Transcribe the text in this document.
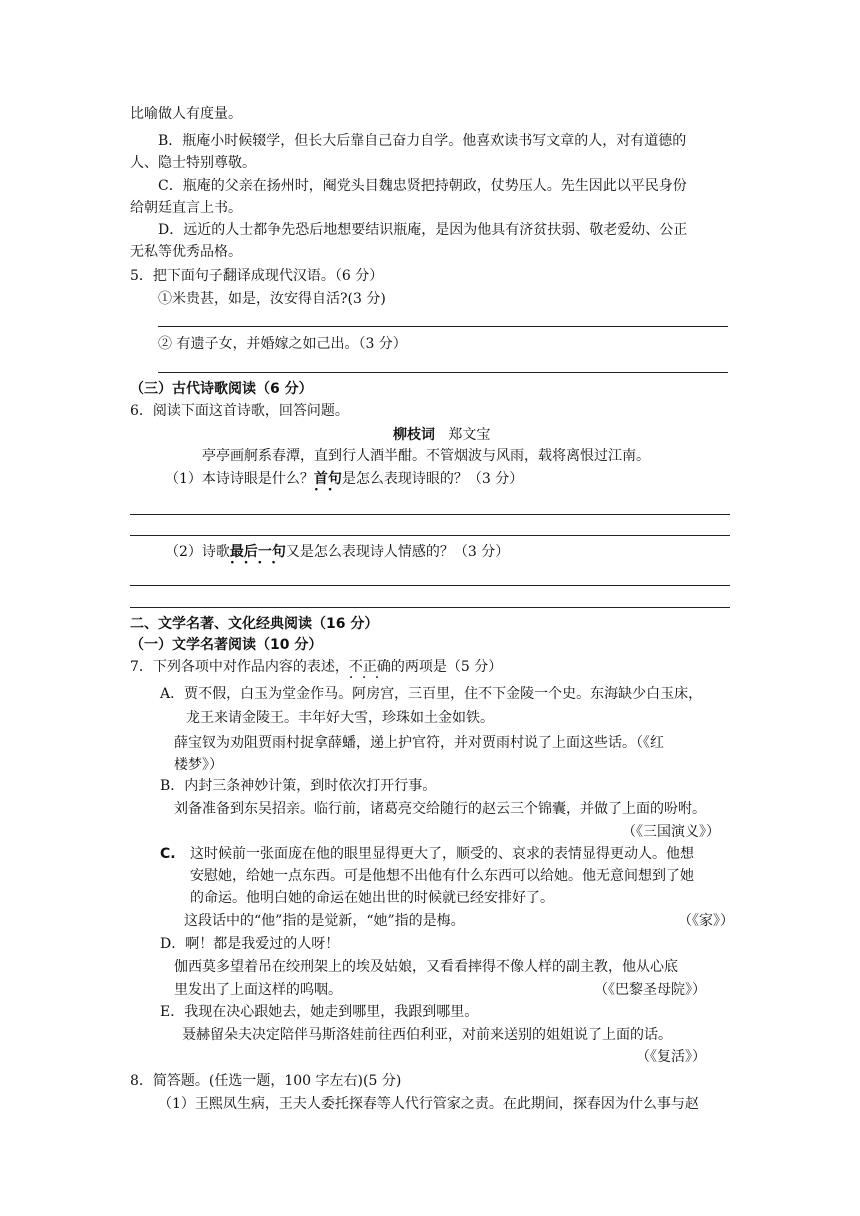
比喻做人有度量。
B．瓶庵小时候辍学，但长大后靠自己奋力自学。他喜欢读书写文章的人，对有道德的
人、隐士特别尊敬。
C．瓶庵的父亲在扬州时，阉党头目魏忠贤把持朝政，仗势压人。先生因此以平民身份
给朝廷直言上书。
D．远近的人士都争先恐后地想要结识瓶庵，是因为他具有济贫扶弱、敬老爱幼、公正
无私等优秀品格。
5．把下面句子翻译成现代汉语。（6 分）
①米贵甚，如是，汝安得自活?(3 分)
② 有遗子女，并婚嫁之如己出。（3 分）
（三）古代诗歌阅读（6 分）
6．阅读下面这首诗歌，回答问题。
柳枝词 郑文宝
亭亭画舸系春潭，直到行人酒半酣。不管烟波与风雨，载将离恨过江南。
（1）本诗诗眼是什么？首句 · ·是怎么表现诗眼的？（3 分）
（2）诗歌最后一句 · ·又是怎么表现诗人情感的？（3 分）
二、文学名著、文化经典阅读（16 分）
（一）文学名著阅读（10 分）
7．下列各项中对作品内容的表述，不正确 · · ·的两项是（5 分）
A．贾不假，白玉为堂金作马。阿房宫，三百里，住不下金陵一个史。东海缺少白玉床，
龙王来请金陵王。丰年好大雪，珍珠如土金如铁。
薛宝钗为劝阻贾雨村捉拿薛蟠，递上护官符，并对贾雨村说了上面这些话。（《红
楼梦》）
B．内封三条神妙计策，到时依次打开行事。
刘备准备到东吴招亲。临行前，诸葛亮交给随行的赵云三个锦囊，并做了上面的吩咐。
（《三国演义》）
C. 这时候前一张面庞在他的眼里显得更大了，顺受的、哀求的表情显得更动人。他想
安慰她，给她一点东西。可是他想不出他有什么东西可以给她。他无意间想到了她
的命运。他明白她的命运在她出世的时候就已经安排好了。
这段话中的“他”指的是觉新，“她”指的是梅。	（《家》）
D．啊！都是我爱过的人呀！
伽西莫多望着吊在绞刑架上的埃及姑娘，又看看摔得不像人样的副主教，他从心底
里发出了上面这样的呜咽。	（《巴黎圣母院》）
E．我现在决心跟她去，她走到哪里，我跟到哪里。
聂赫留朵夫决定陪伴马斯洛娃前往西伯利亚，对前来送别的姐姐说了上面的话。
（《复活》）
8．简答题。(任选一题，100 字左右)(5 分)
（1）王熙凤生病，王夫人委托探春等人代行管家之责。在此期间，探春因为什么事与赵
